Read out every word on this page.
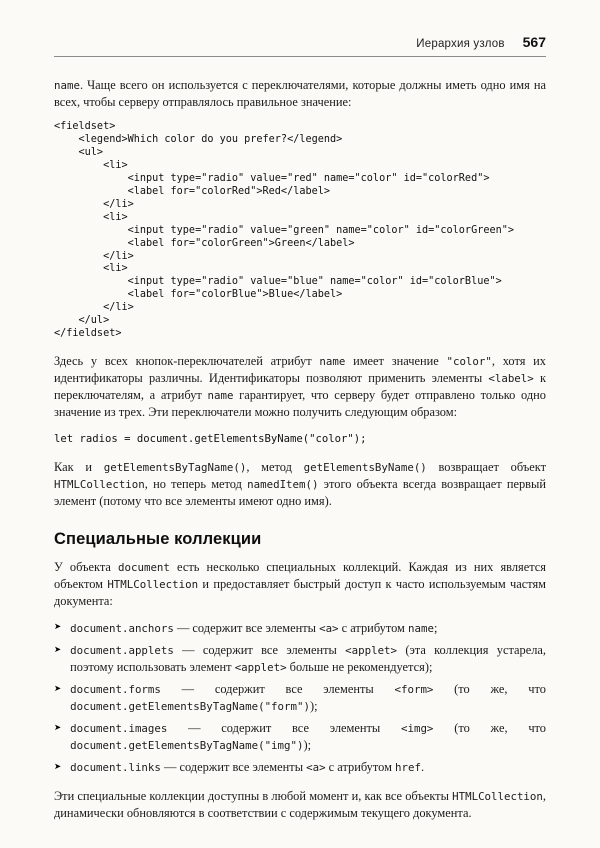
Иерархия узлов 567

name. Чаще всего он используется с переключателями, которые должны иметь одно имя на всех, чтобы серверу отправлялось правильное значение:

<fieldset>
<legend>Which color do you prefer?</legend>
<ul>
<li>
<input type="radio" value="red" name="color" id="colorRed">
<label for="colorRed">Red</label>
</li>
<li>
<input type="radio" value="green" name="color" id="colorGreen">
<label for="colorGreen">Green</label>
</li>
<li>
<input type="radio" value="blue" name="color" id="colorBlue">
<label for="colorBlue">Blue</label>
</li>
</ul>
</fieldset>

Здесь у всех кнопок-переключателей атрибут name имеет значение "color", хотя их идентификаторы различны. Идентификаторы позволяют применить элементы <label> к переключателям, а атрибут name гарантирует, что серверу будет отправлено только одно значение из трех. Эти переключатели можно получить следующим образом:

let radios = document.getElementsByName("color");

Как и getElementsByTagName(), метод getElementsByName() возвращает объект HTMLCollection, но теперь метод namedItem() этого объекта всегда возвращает первый элемент (потому что все элементы имеют одно имя).

Специальные коллекции

У объекта document есть несколько специальных коллекций. Каждая из них является объектом HTMLCollection и предоставляет быстрый доступ к часто используемым частям документа:

➤ document.anchors — содержит все элементы <a> с атрибутом name;
➤ document.applets — содержит все элементы <applet> (эта коллекция устарела, поэтому использовать элемент <applet> больше не рекомендуется);
➤ document.forms — содержит все элементы <form> (то же, что document.getElementsByTagName("form"));
➤ document.images — содержит все элементы <img> (то же, что document.getElementsByTagName("img"));
➤ document.links — содержит все элементы <a> с атрибутом href.

Эти специальные коллекции доступны в любой момент и, как все объекты HTMLCollection, динамически обновляются в соответствии с содержимым текущего документа.
